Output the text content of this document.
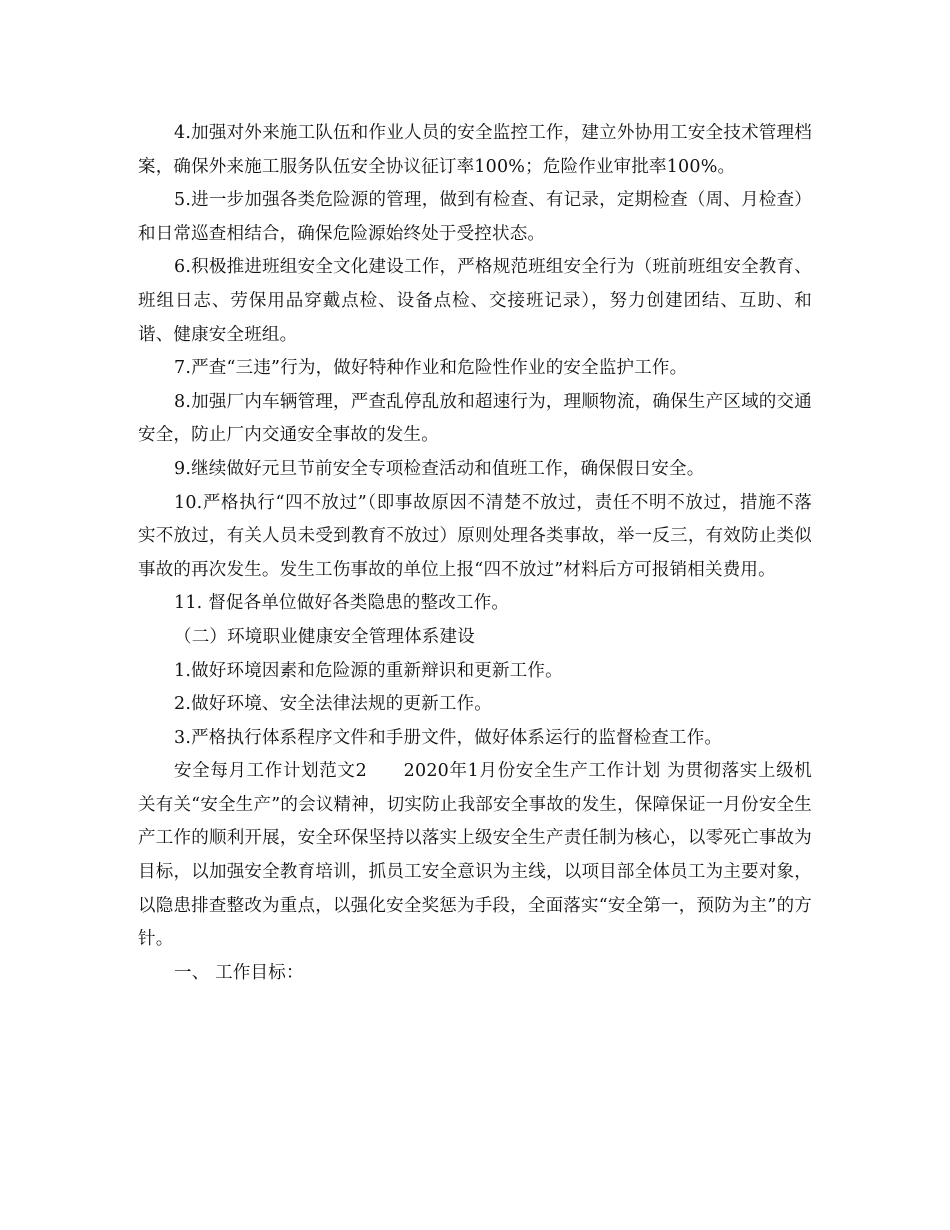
4.加强对外来施工队伍和作业人员的安全监控工作，建立外协用工安全技术管理档案，确保外来施工服务队伍安全协议征订率100%；危险作业审批率100%。

5.进一步加强各类危险源的管理，做到有检查、有记录，定期检查（周、月检查）和日常巡查相结合，确保危险源始终处于受控状态。

6.积极推进班组安全文化建设工作，严格规范班组安全行为（班前班组安全教育、班组日志、劳保用品穿戴点检、设备点检、交接班记录），努力创建团结、互助、和谐、健康安全班组。

7.严查“三违”行为，做好特种作业和危险性作业的安全监护工作。

8.加强厂内车辆管理，严查乱停乱放和超速行为，理顺物流，确保生产区域的交通安全，防止厂内交通安全事故的发生。

9.继续做好元旦节前安全专项检查活动和值班工作，确保假日安全。

10.严格执行“四不放过”（即事故原因不清楚不放过，责任不明不放过，措施不落实不放过，有关人员未受到教育不放过）原则处理各类事故，举一反三，有效防止类似事故的再次发生。发生工伤事故的单位上报“四不放过”材料后方可报销相关费用。

11. 督促各单位做好各类隐患的整改工作。

（二）环境职业健康安全管理体系建设

1.做好环境因素和危险源的重新辩识和更新工作。

2.做好环境、安全法律法规的更新工作。

3.严格执行体系程序文件和手册文件，做好体系运行的监督检查工作。

安全每月工作计划范文2　　2020年1月份安全生产工作计划 为贯彻落实上级机关有关“安全生产”的会议精神，切实防止我部安全事故的发生，保障保证一月份安全生产工作的顺利开展，安全环保坚持以落实上级安全生产责任制为核心，以零死亡事故为目标，以加强安全教育培训，抓员工安全意识为主线，以项目部全体员工为主要对象，以隐患排查整改为重点，以强化安全奖惩为手段，全面落实“安全第一，预防为主”的方针。

一、 工作目标：
